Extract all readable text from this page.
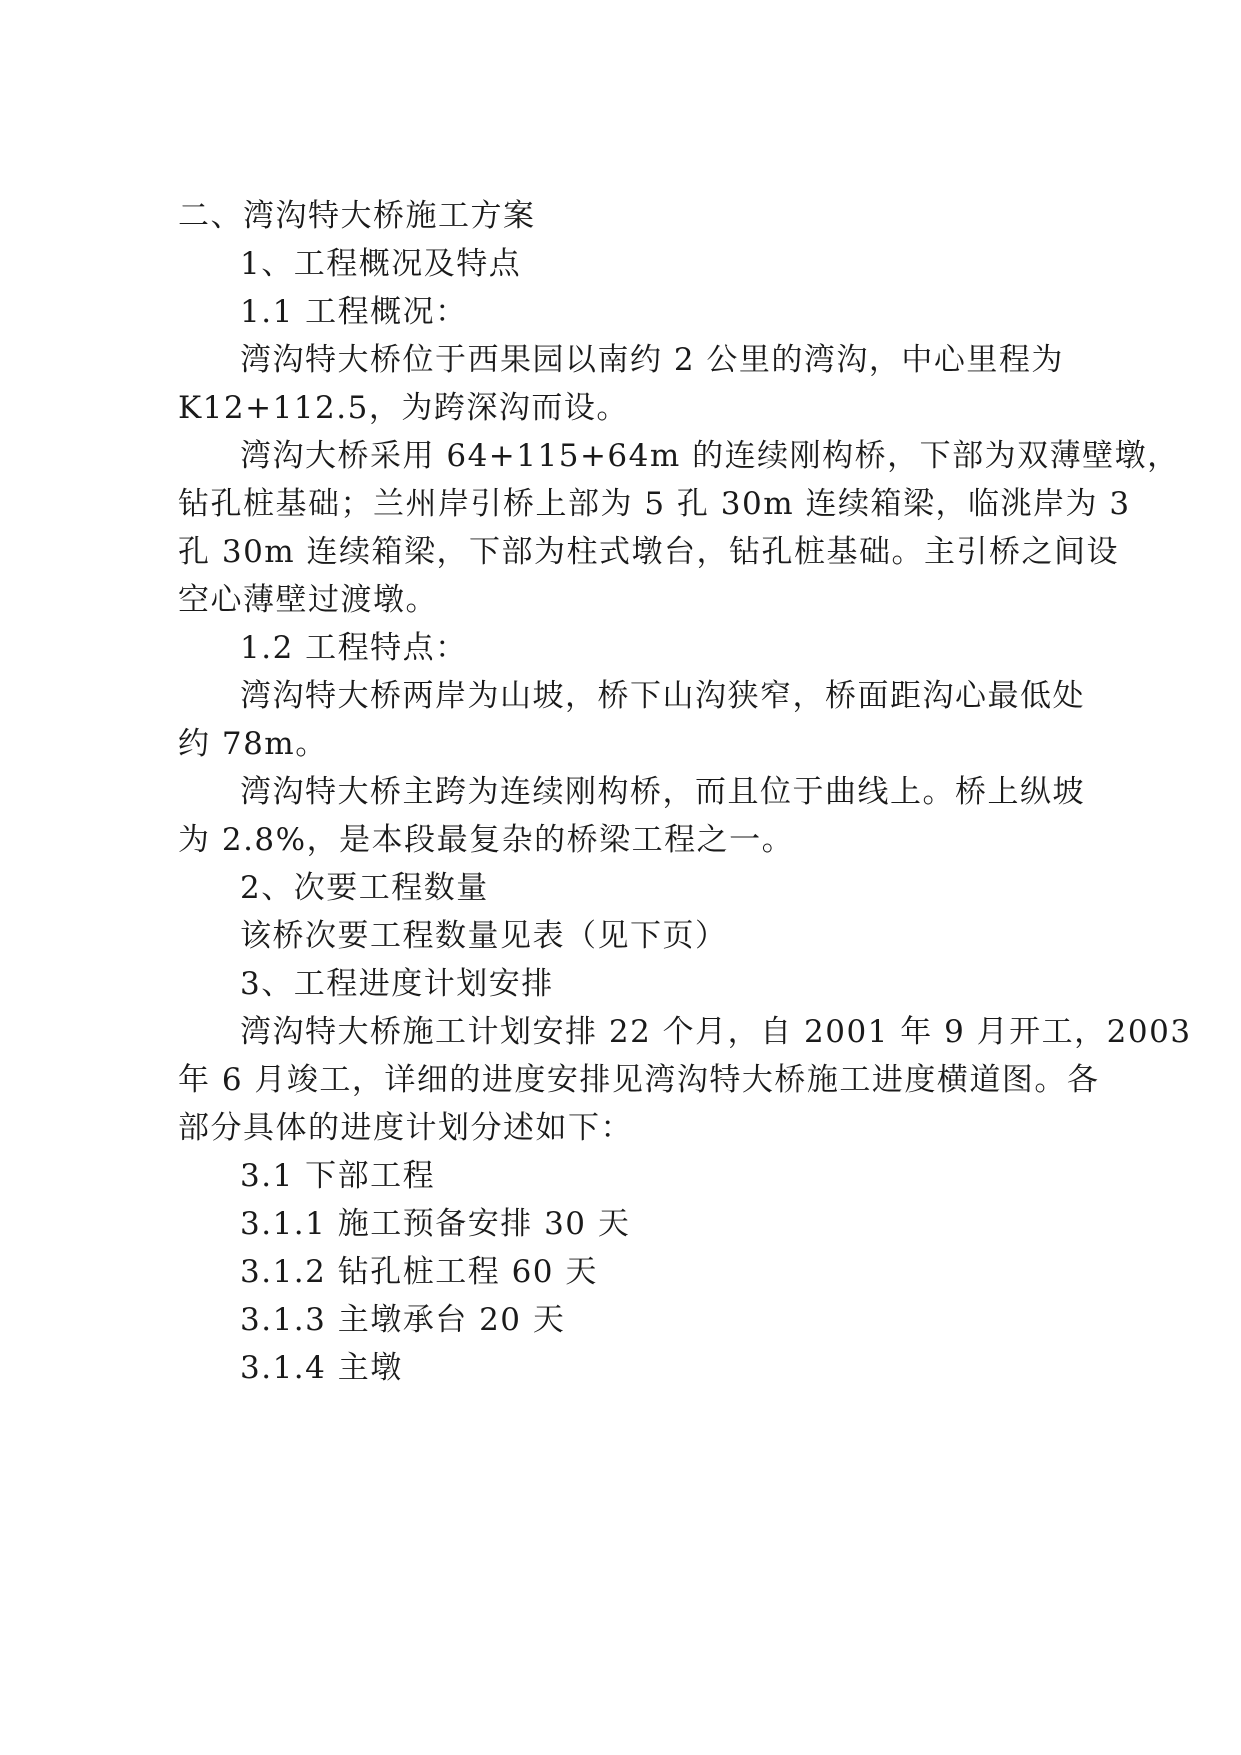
二、湾沟特大桥施工方案
1、工程概况及特点
1.1 工程概况：
湾沟特大桥位于西果园以南约 2 公里的湾沟，中心里程为
K12+112.5，为跨深沟而设。
湾沟大桥采用 64+115+64m 的连续刚构桥，下部为双薄壁墩，
钻孔桩基础；兰州岸引桥上部为 5 孔 30m 连续箱梁，临洮岸为 3
孔 30m 连续箱梁，下部为柱式墩台，钻孔桩基础。主引桥之间设
空心薄壁过渡墩。
1.2 工程特点：
湾沟特大桥两岸为山坡，桥下山沟狭窄，桥面距沟心最低处
约 78m。
湾沟特大桥主跨为连续刚构桥，而且位于曲线上。桥上纵坡
为 2.8%，是本段最复杂的桥梁工程之一。
2、次要工程数量
该桥次要工程数量见表（见下页）
3、工程进度计划安排
湾沟特大桥施工计划安排 22 个月，自 2001 年 9 月开工，2003
年 6 月竣工，详细的进度安排见湾沟特大桥施工进度横道图。各
部分具体的进度计划分述如下：
3.1 下部工程
3.1.1 施工预备安排 30 天
3.1.2 钻孔桩工程 60 天
3.1.3 主墩承台 20 天
3.1.4 主墩
